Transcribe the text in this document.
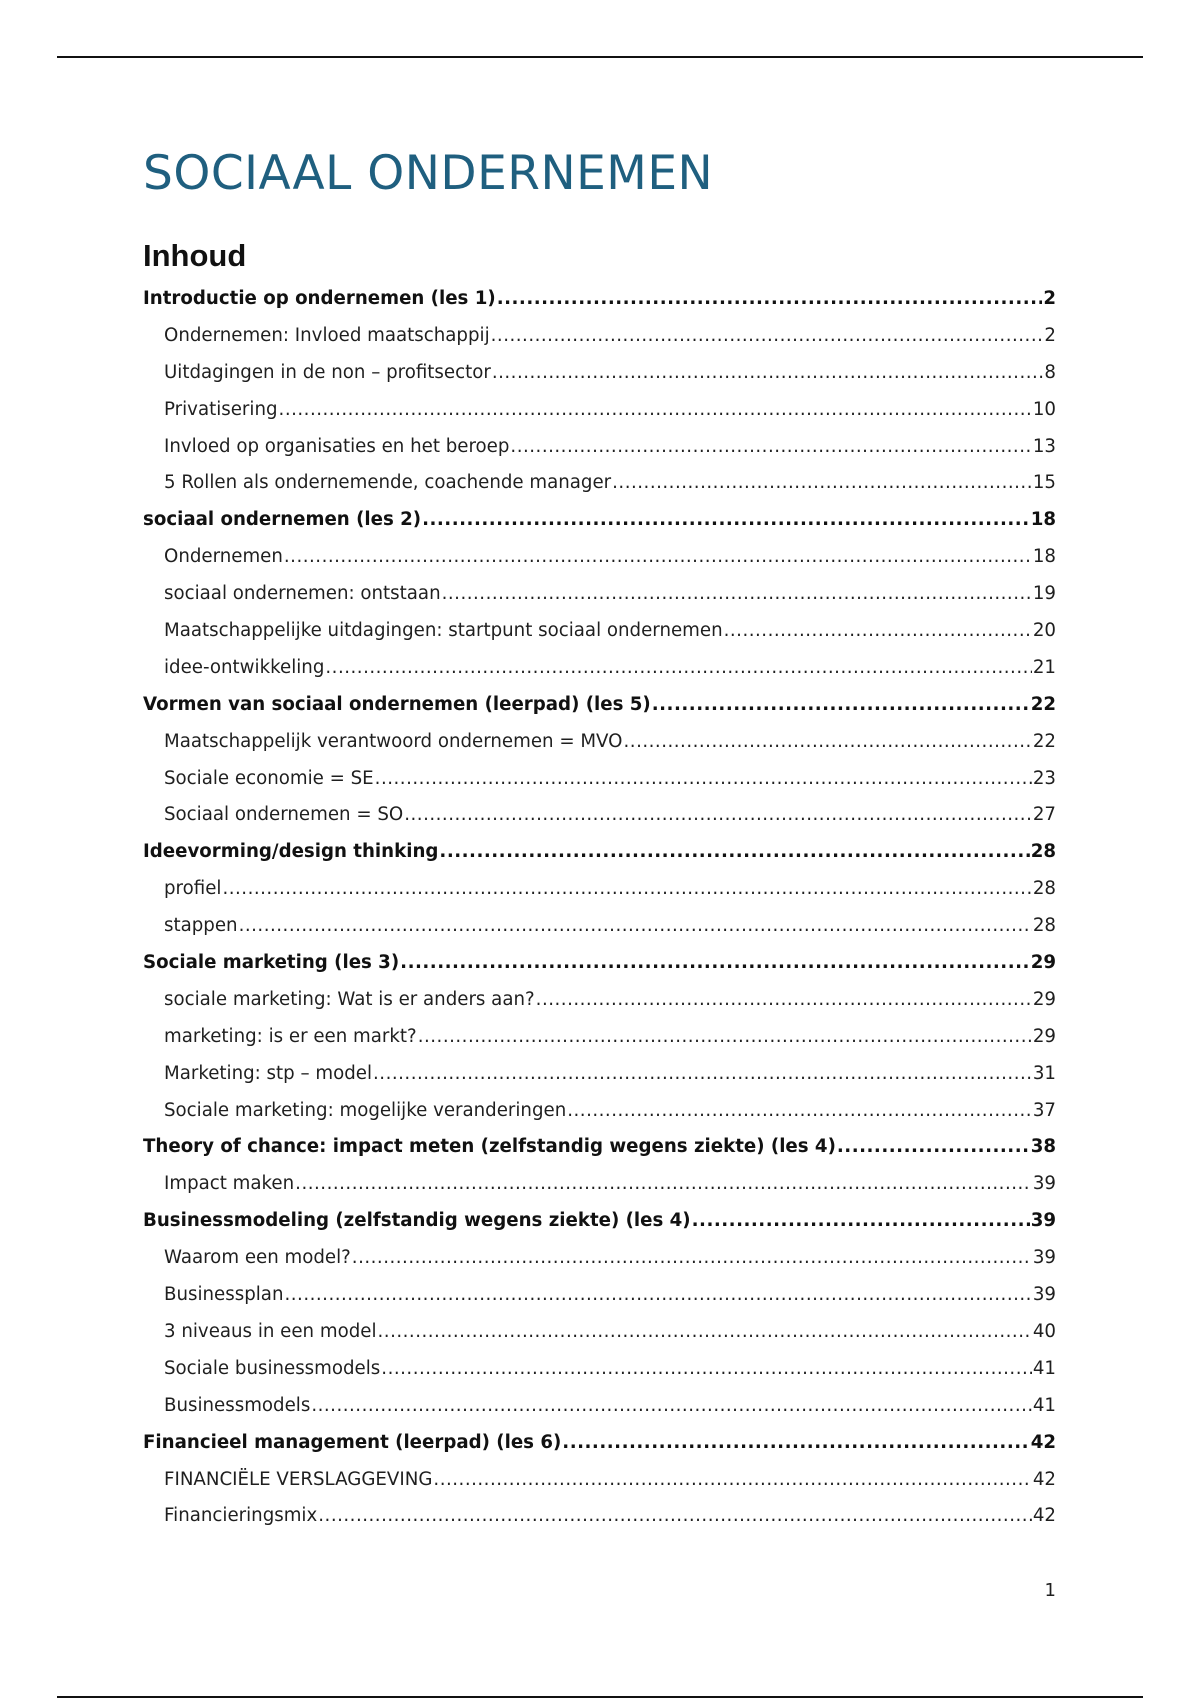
SOCIAAL ONDERNEMEN
Inhoud
Introductie op ondernemen (les 1) .....	2
Ondernemen: Invloed maatschappij .....	2
Uitdagingen in de non – profitsector .....	8
Privatisering .....	10
Invloed op organisaties en het beroep .....	13
5 Rollen als ondernemende, coachende manager .....	15
sociaal ondernemen (les 2) .....	18
Ondernemen .....	18
sociaal ondernemen: ontstaan .....	19
Maatschappelijke uitdagingen: startpunt sociaal ondernemen .....	20
idee-ontwikkeling .....	21
Vormen van sociaal ondernemen (leerpad) (les 5) .....	22
Maatschappelijk verantwoord ondernemen = MVO .....	22
Sociale economie = SE .....	23
Sociaal ondernemen = SO .....	27
Ideevorming/design thinking .....	28
profiel .....	28
stappen .....	28
Sociale marketing (les 3) .....	29
sociale marketing: Wat is er anders aan? .....	29
marketing: is er een markt? .....	29
Marketing: stp – model .....	31
Sociale marketing: mogelijke veranderingen .....	37
Theory of chance: impact meten (zelfstandig wegens ziekte) (les 4) .....	38
Impact maken .....	39
Businessmodeling (zelfstandig wegens ziekte) (les 4) .....	39
Waarom een model? .....	39
Businessplan .....	39
3 niveaus in een model .....	40
Sociale businessmodels .....	41
Businessmodels .....	41
Financieel management (leerpad) (les 6) .....	42
FINANCIËLE VERSLAGGEVING .....	42
Financieringsmix .....	42
1
